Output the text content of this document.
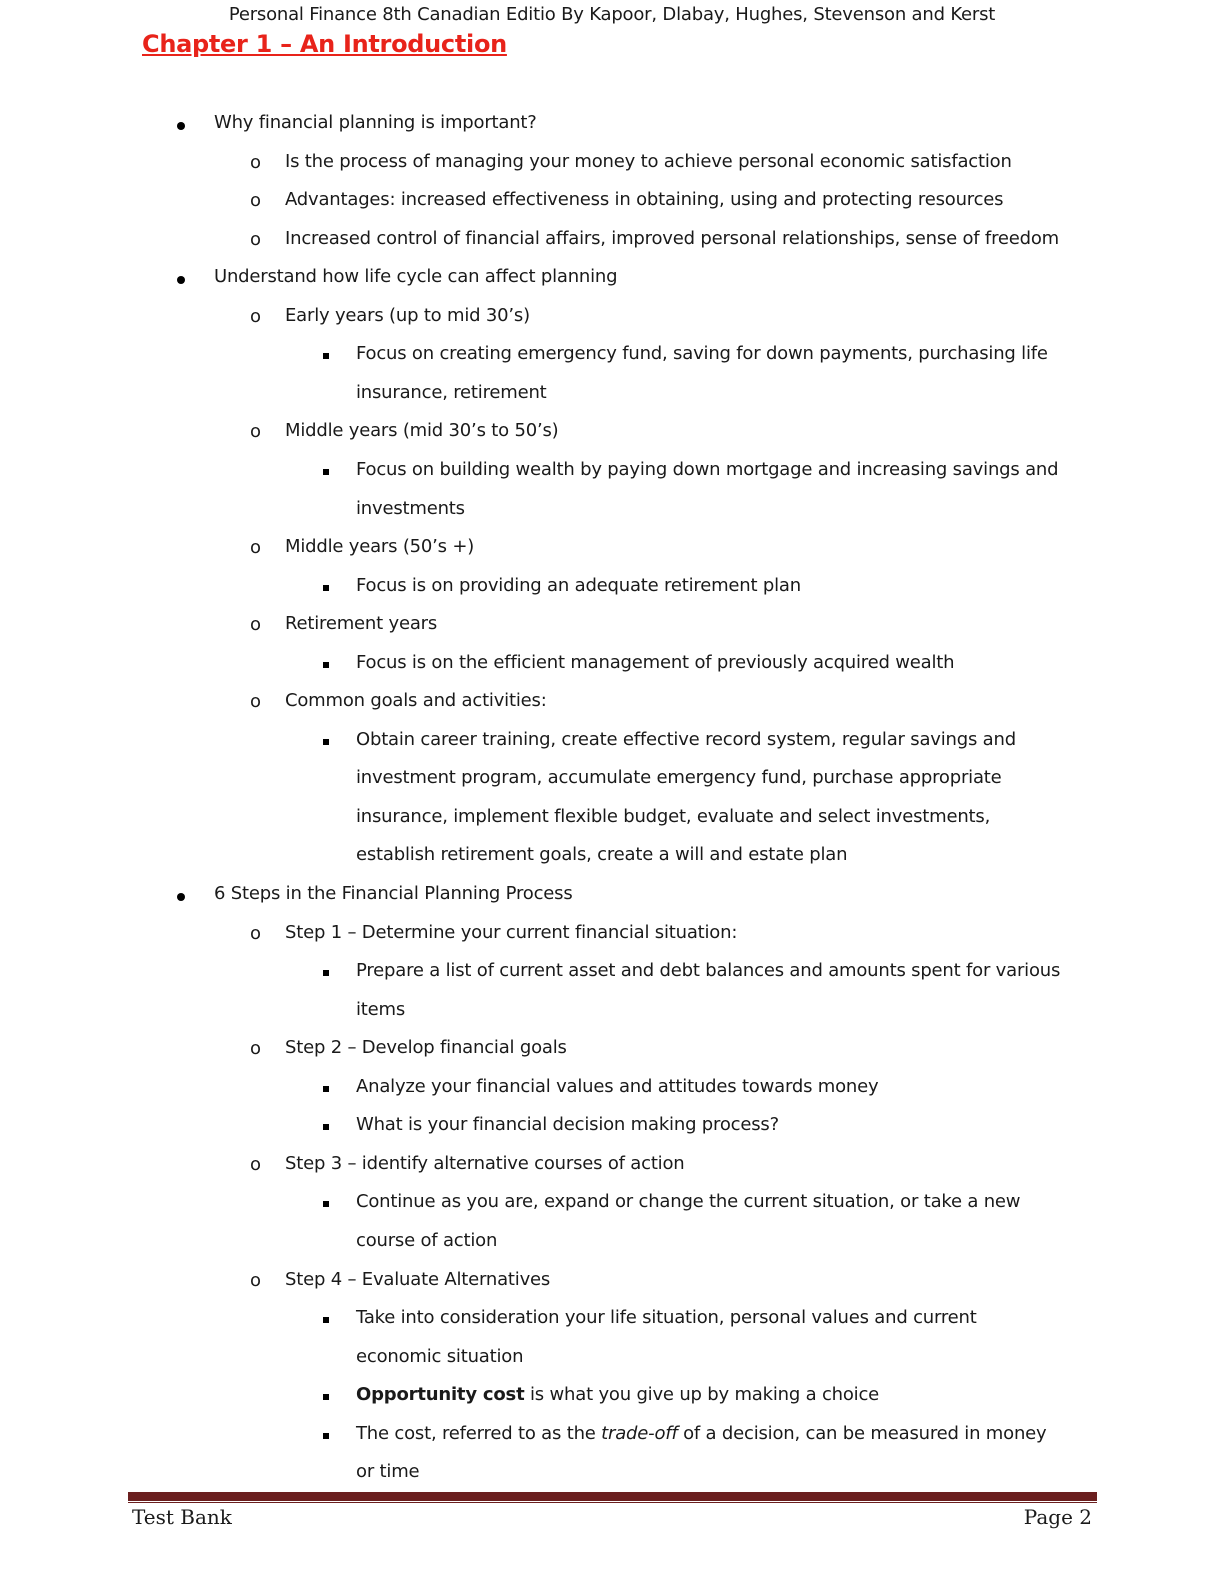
Personal Finance 8th Canadian Editio By Kapoor, Dlabay, Hughes, Stevenson and Kerst
Chapter 1 – An Introduction
Why financial planning is important?
o Is the process of managing your money to achieve personal economic satisfaction
o Advantages: increased effectiveness in obtaining, using and protecting resources
o Increased control of financial affairs, improved personal relationships, sense of freedom
Understand how life cycle can affect planning
o Early years (up to mid 30’s)
Focus on creating emergency fund, saving for down payments, purchasing life
insurance, retirement
o Middle years (mid 30’s to 50’s)
Focus on building wealth by paying down mortgage and increasing savings and
investments
o Middle years (50’s +)
Focus is on providing an adequate retirement plan
o Retirement years
Focus is on the efficient management of previously acquired wealth
o Common goals and activities:
Obtain career training, create effective record system, regular savings and
investment program, accumulate emergency fund, purchase appropriate
insurance, implement flexible budget, evaluate and select investments,
establish retirement goals, create a will and estate plan
6 Steps in the Financial Planning Process
o Step 1 – Determine your current financial situation:
Prepare a list of current asset and debt balances and amounts spent for various
items
o Step 2 – Develop financial goals
Analyze your financial values and attitudes towards money
What is your financial decision making process?
o Step 3 – identify alternative courses of action
Continue as you are, expand or change the current situation, or take a new
course of action
o Step 4 – Evaluate Alternatives
Take into consideration your life situation, personal values and current
economic situation
Opportunity cost is what you give up by making a choice
The cost, referred to as the trade-off of a decision, can be measured in money
or time
Test Bank	Page 2
